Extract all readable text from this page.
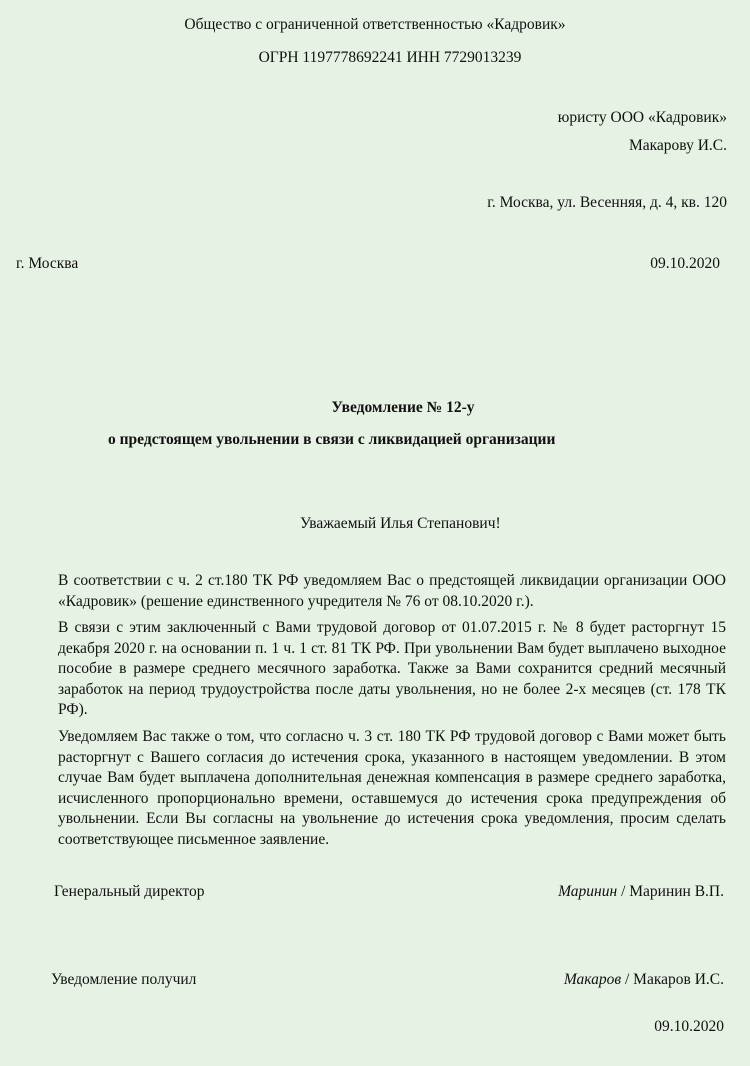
Общество с ограниченной ответственностью «Кадровик»
ОГРН 1197778692241 ИНН 7729013239
юристу ООО «Кадровик»
Макарову И.С.
г. Москва, ул. Весенняя, д. 4, кв. 120
г. Москва	09.10.2020
Уведомление № 12-у
о предстоящем увольнении в связи с ликвидацией организации
Уважаемый Илья Степанович!
В соответствии с ч. 2 ст.180 ТК РФ уведомляем Вас о предстоящей ликвидации организации ООО «Кадровик» (решение единственного учредителя № 76 от 08.10.2020 г.).
В связи с этим заключенный с Вами трудовой договор от 01.07.2015 г. № 8 будет расторгнут 15 декабря 2020 г. на основании п. 1 ч. 1 ст. 81 ТК РФ. При увольнении Вам будет выплачено выходное пособие в размере среднего месячного заработка. Также за Вами сохранится средний месячный заработок на период трудоустройства после даты увольнения, но не более 2-х месяцев (ст. 178 ТК РФ).
Уведомляем Вас также о том, что согласно ч. 3 ст. 180 ТК РФ трудовой договор с Вами может быть расторгнут с Вашего согласия до истечения срока, указанного в настоящем уведомлении. В этом случае Вам будет выплачена дополнительная денежная компенсация в размере среднего заработка, исчисленного пропорционально времени, оставшемуся до истечения срока предупреждения об увольнении. Если Вы согласны на увольнение до истечения срока уведомления, просим сделать соответствующее письменное заявление.
Генеральный директор	Маринин / Маринин В.П.
Уведомление получил	Макаров / Макаров И.С.
09.10.2020
